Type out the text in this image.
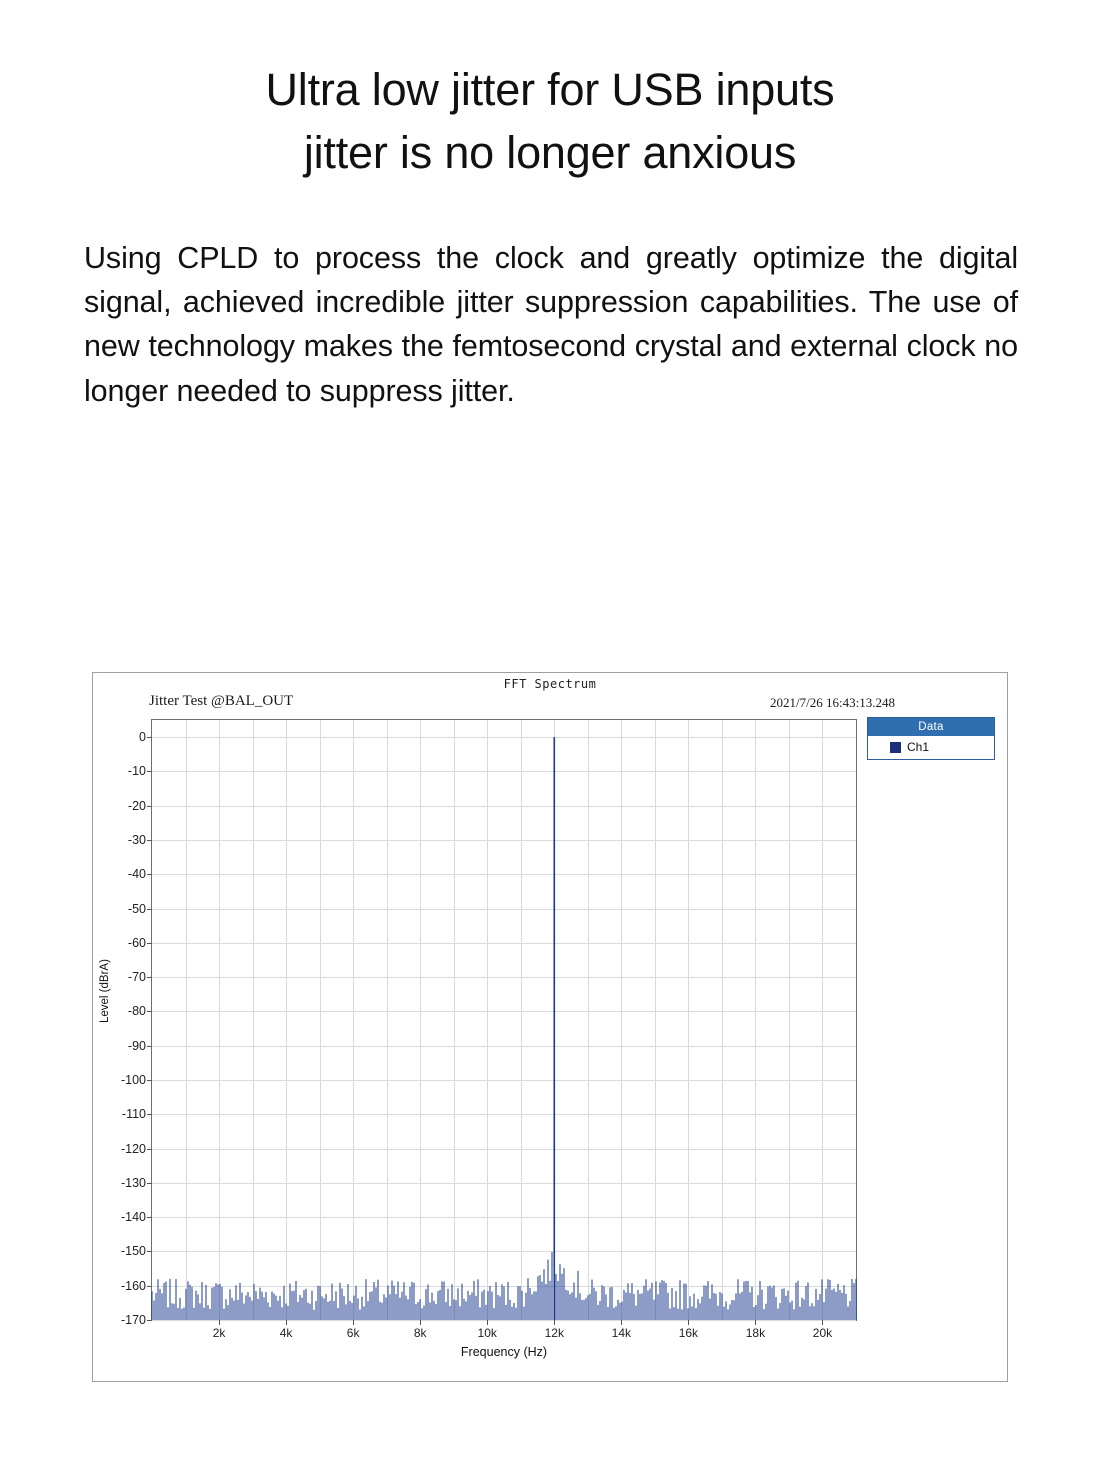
Ultra low jitter for USB inputs
jitter is no longer anxious
Using CPLD to process the clock and greatly optimize the digital signal, achieved incredible jitter suppression capabilities. The use of new technology makes the femtosecond crystal and external clock no longer needed to suppress jitter.
FFT Spectrum
Jitter Test @BAL_OUT	2021/7/26 16:43:13.248
Data
Ch1
0
-10
-20
-30
-40
-50
-60
-70
-80
-90
-100
-110
-120
-130
-140
-150
-160
-170
2k	4k	6k	8k	10k	12k	14k	16k	18k	20k
Level (dBrA)
Frequency (Hz)
